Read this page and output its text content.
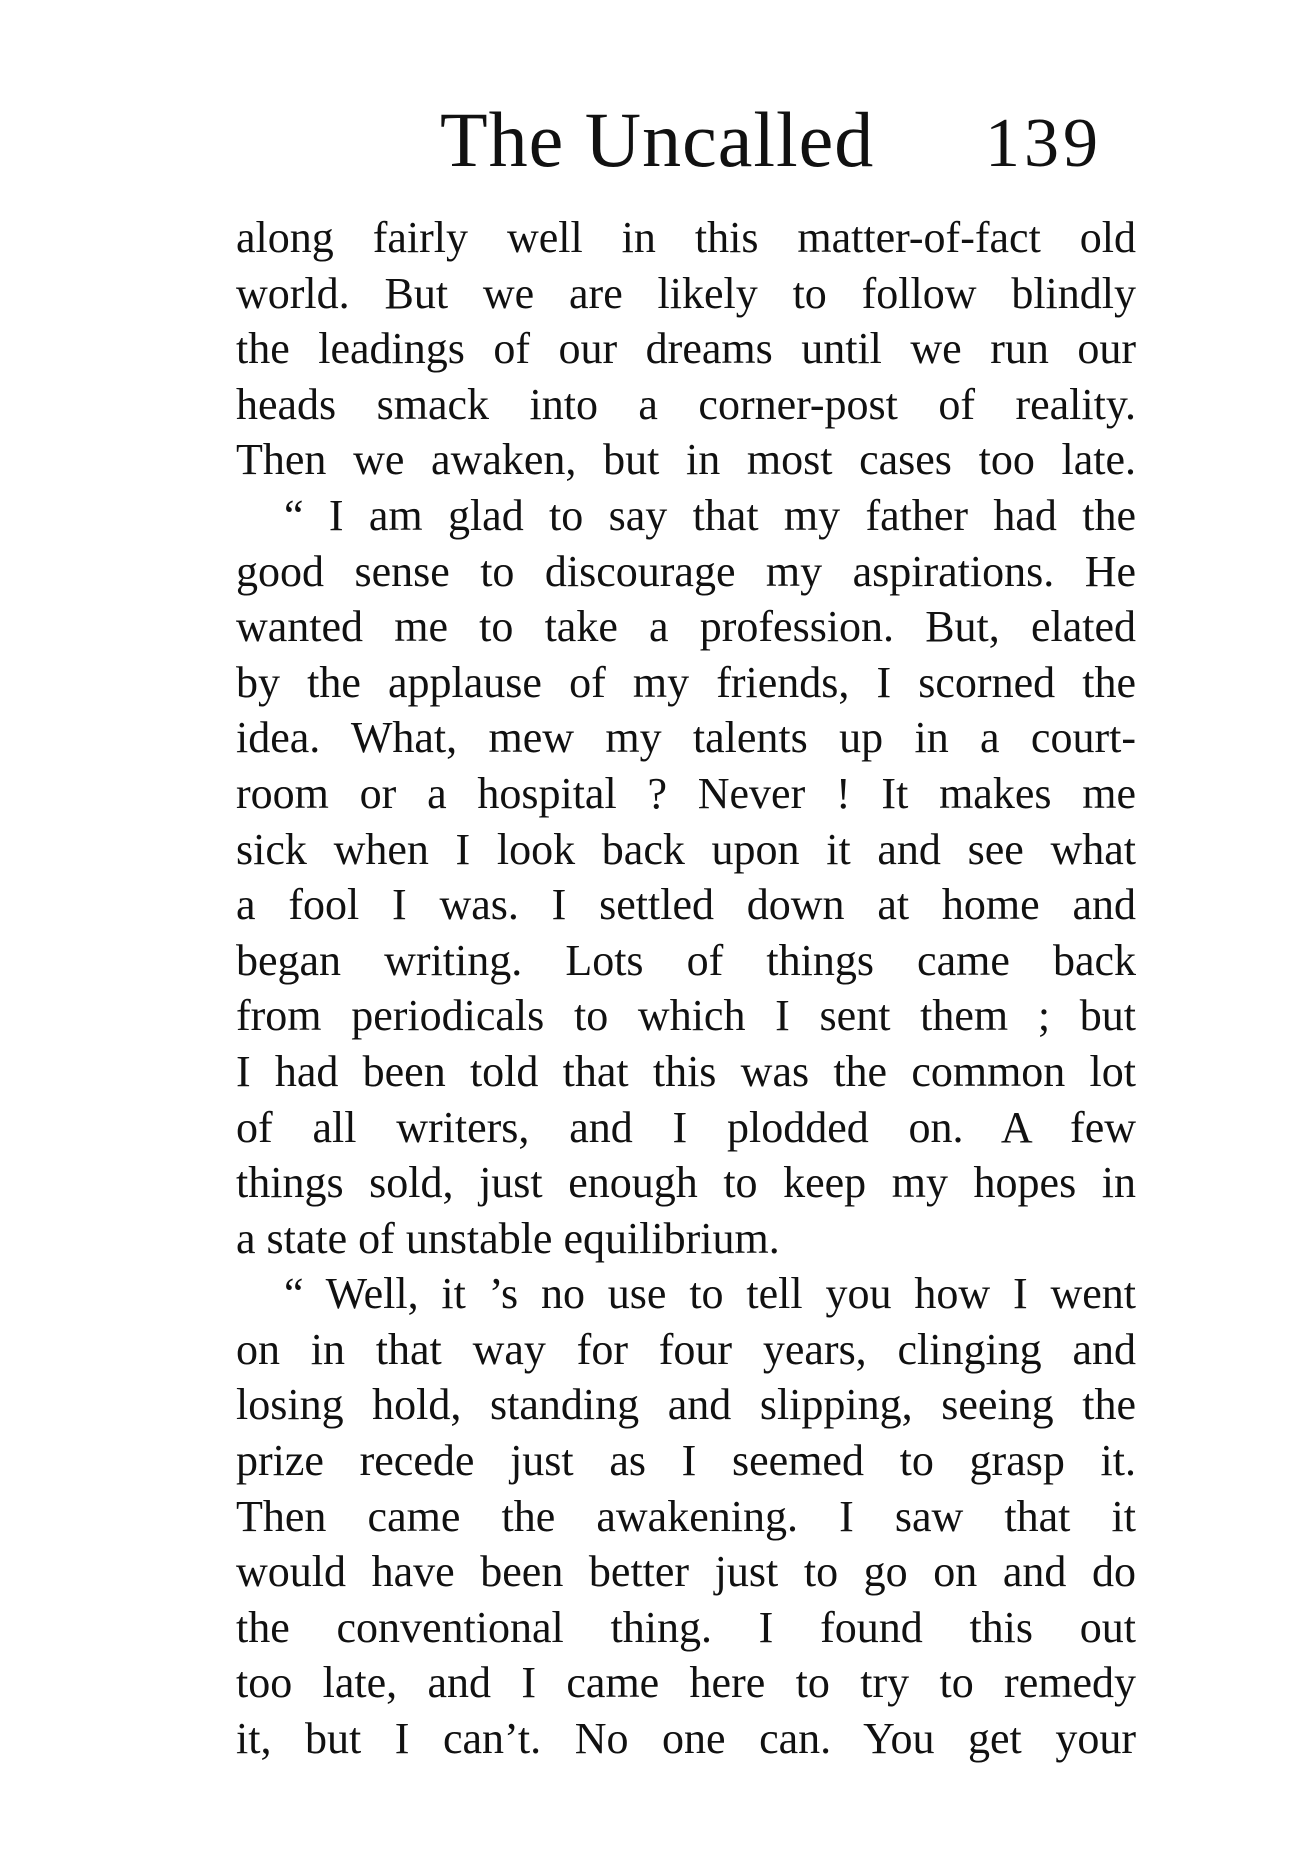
The Uncalled 139
along fairly well in this matter-of-fact old
world. But we are likely to follow blindly
the leadings of our dreams until we run our
heads smack into a corner-post of reality.
Then we awaken, but in most cases too late.
“ I am glad to say that my father had the
good sense to discourage my aspirations. He
wanted me to take a profession. But, elated
by the applause of my friends, I scorned the
idea. What, mew my talents up in a court-
room or a hospital ? Never ! It makes me
sick when I look back upon it and see what
a fool I was. I settled down at home and
began writing. Lots of things came back
from periodicals to which I sent them ; but
I had been told that this was the common lot
of all writers, and I plodded on. A few
things sold, just enough to keep my hopes in
a state of unstable equilibrium.
“ Well, it ’s no use to tell you how I went
on in that way for four years, clinging and
losing hold, standing and slipping, seeing the
prize recede just as I seemed to grasp it.
Then came the awakening. I saw that it
would have been better just to go on and do
the conventional thing. I found this out
too late, and I came here to try to remedy
it, but I can’t. No one can. You get your
